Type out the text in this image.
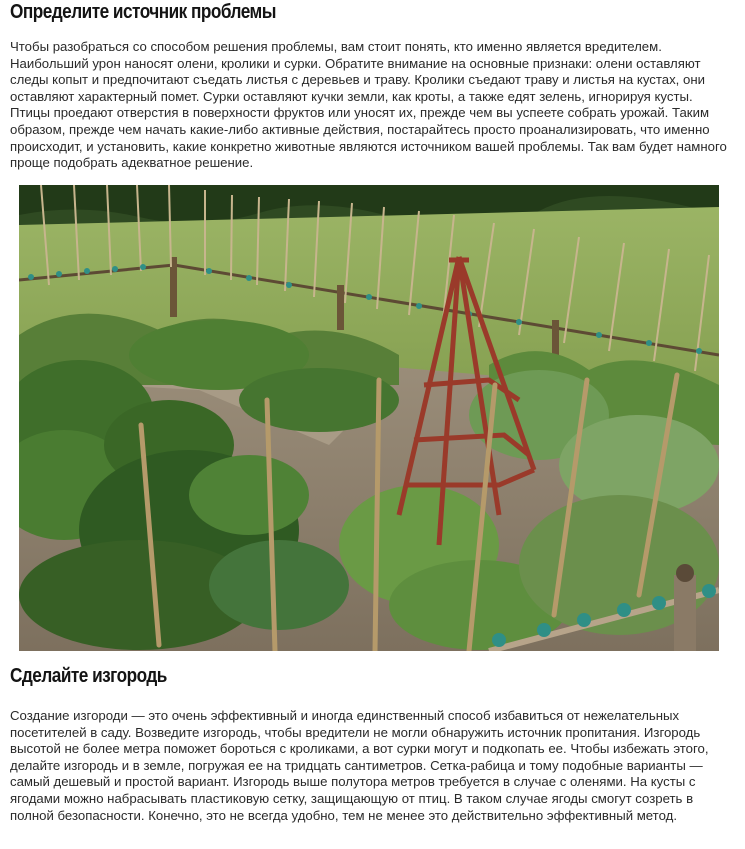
Определите источник проблемы

Чтобы разобраться со способом решения проблемы, вам стоит понять, кто именно является вредителем. Наибольший урон наносят олени, кролики и сурки. Обратите внимание на основные признаки: олени оставляют следы копыт и предпочитают съедать листья с деревьев и траву. Кролики съедают траву и листья на кустах, они оставляют характерный помет. Сурки оставляют кучки земли, как кроты, а также едят зелень, игнорируя кусты. Птицы проедают отверстия в поверхности фруктов или уносят их, прежде чем вы успеете собрать урожай. Таким образом, прежде чем начать какие-либо активные действия, постарайтесь просто проанализировать, что именно происходит, и установить, какие конкретно животные являются источником вашей проблемы. Так вам будет намного проще подобрать адекватное решение.

Сделайте изгородь

Создание изгороди — это очень эффективный и иногда единственный способ избавиться от нежелательных посетителей в саду. Возведите изгородь, чтобы вредители не могли обнаружить источник пропитания. Изгородь высотой не более метра поможет бороться с кроликами, а вот сурки могут и подкопать ее. Чтобы избежать этого, делайте изгородь и в земле, погружая ее на тридцать сантиметров. Сетка-рабица и тому подобные варианты — самый дешевый и простой вариант. Изгородь выше полутора метров требуется в случае с оленями. На кусты с ягодами можно набрасывать пластиковую сетку, защищающую от птиц. В таком случае ягоды смогут созреть в полной безопасности. Конечно, это не всегда удобно, тем не менее это действительно эффективный метод.
